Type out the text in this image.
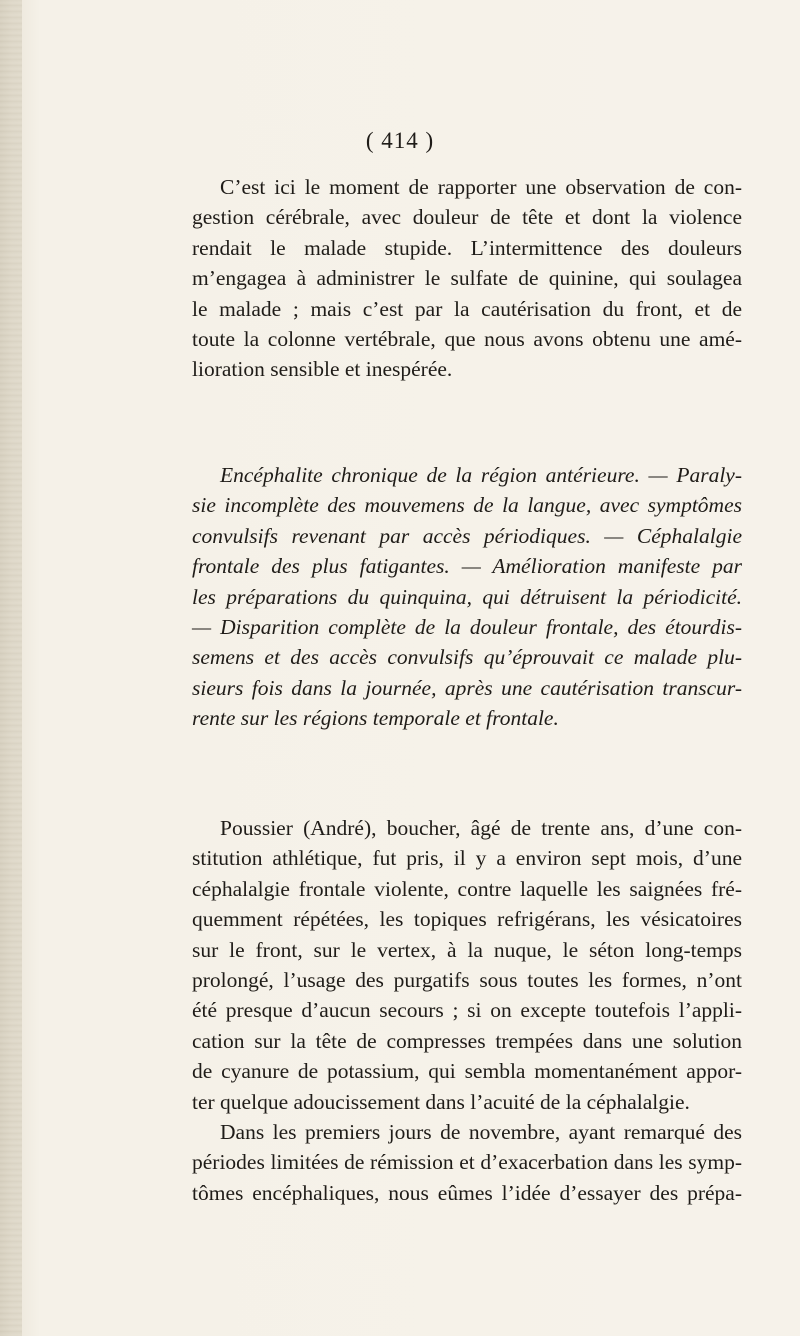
( 414 )
C’est ici le moment de rapporter une observation de con-
gestion cérébrale, avec douleur de tête et dont la violence
rendait le malade stupide. L’intermittence des douleurs
m’engagea à administrer le sulfate de quinine, qui soulagea
le malade ; mais c’est par la cautérisation du front, et de
toute la colonne vertébrale, que nous avons obtenu une amé-
lioration sensible et inespérée.
Encéphalite chronique de la région antérieure. — Paraly-
sie incomplète des mouvemens de la langue, avec symptômes
convulsifs revenant par accès périodiques. — Céphalalgie
frontale des plus fatigantes. — Amélioration manifeste par
les préparations du quinquina, qui détruisent la périodicité.
— Disparition complète de la douleur frontale, des étourdis-
semens et des accès convulsifs qu’éprouvait ce malade plu-
sieurs fois dans la journée, après une cautérisation transcur-
rente sur les régions temporale et frontale.
Poussier (André), boucher, âgé de trente ans, d’une con-
stitution athlétique, fut pris, il y a environ sept mois, d’une
céphalalgie frontale violente, contre laquelle les saignées fré-
quemment répétées, les topiques refrigérans, les vésicatoires
sur le front, sur le vertex, à la nuque, le séton long-temps
prolongé, l’usage des purgatifs sous toutes les formes, n’ont
été presque d’aucun secours ; si on excepte toutefois l’appli-
cation sur la tête de compresses trempées dans une solution
de cyanure de potassium, qui sembla momentanément appor-
ter quelque adoucissement dans l’acuité de la céphalalgie.
Dans les premiers jours de novembre, ayant remarqué des
périodes limitées de rémission et d’exacerbation dans les symp-
tômes encéphaliques, nous eûmes l’idée d’essayer des prépa-
